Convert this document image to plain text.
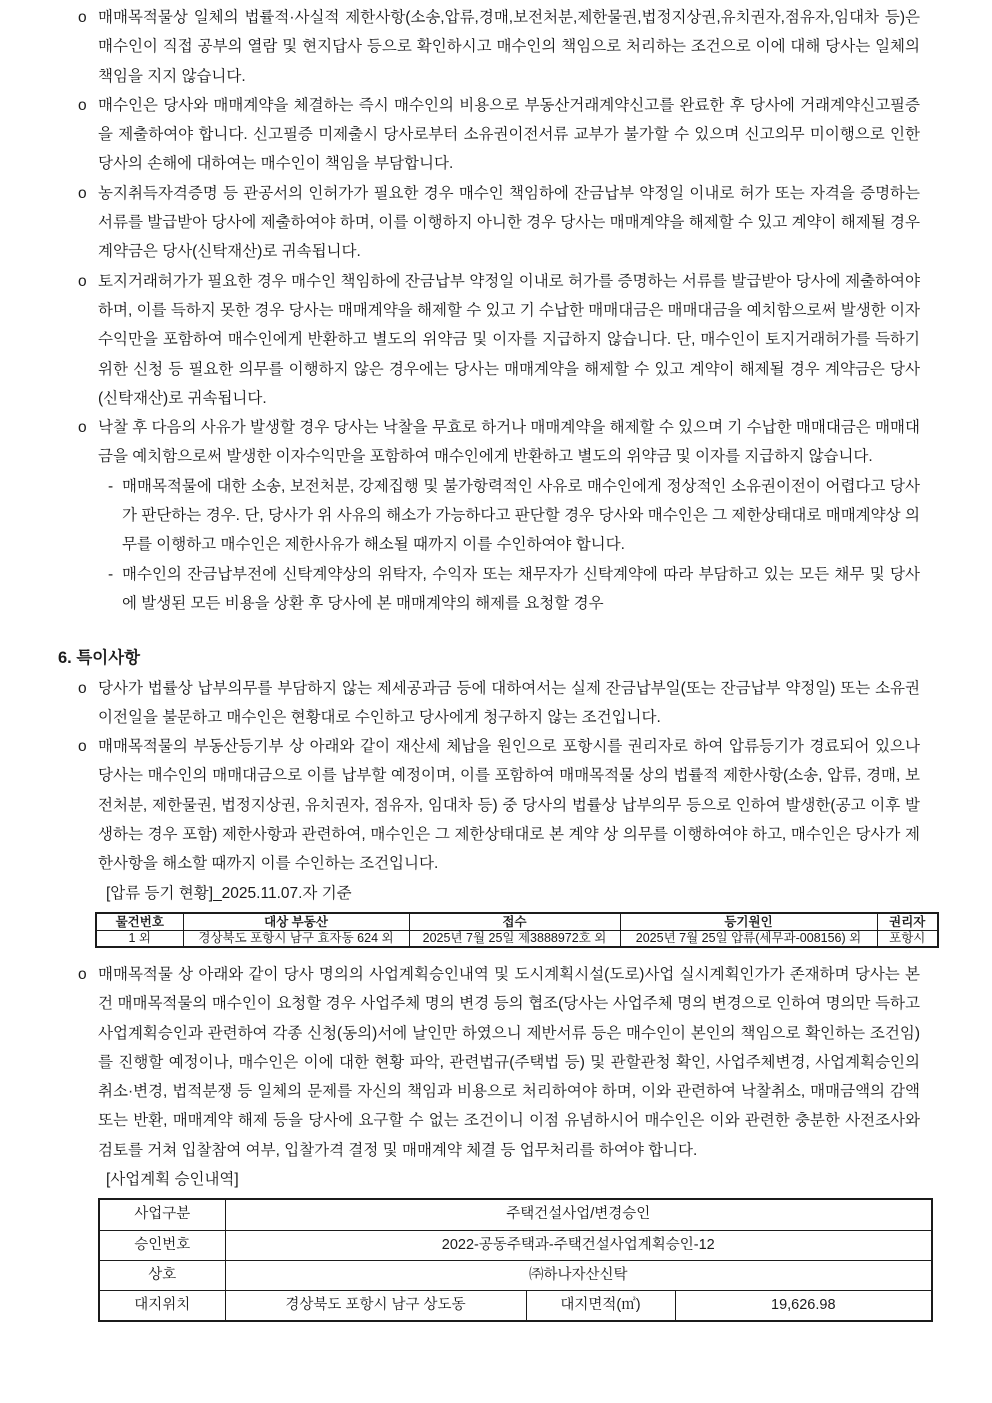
o 매매목적물상 일체의 법률적·사실적 제한사항(소송,압류,경매,보전처분,제한물권,법정지상권,유치권자,점유자,임대차 등)은 매수인이 직접 공부의 열람 및 현지답사 등으로 확인하시고 매수인의 책임으로 처리하는 조건으로 이에 대해 당사는 일체의 책임을 지지 않습니다.
o 매수인은 당사와 매매계약을 체결하는 즉시 매수인의 비용으로 부동산거래계약신고를 완료한 후 당사에 거래계약신고필증을 제출하여야 합니다. 신고필증 미제출시 당사로부터 소유권이전서류 교부가 불가할 수 있으며 신고의무 미이행으로 인한 당사의 손해에 대하여는 매수인이 책임을 부담합니다.
o 농지취득자격증명 등 관공서의 인허가가 필요한 경우 매수인 책임하에 잔금납부 약정일 이내로 허가 또는 자격을 증명하는 서류를 발급받아 당사에 제출하여야 하며, 이를 이행하지 아니한 경우 당사는 매매계약을 해제할 수 있고 계약이 해제될 경우 계약금은 당사(신탁재산)로 귀속됩니다.
o 토지거래허가가 필요한 경우 매수인 책임하에 잔금납부 약정일 이내로 허가를 증명하는 서류를 발급받아 당사에 제출하여야 하며, 이를 득하지 못한 경우 당사는 매매계약을 해제할 수 있고 기 수납한 매매대금은 매매대금을 예치함으로써 발생한 이자수익만을 포함하여 매수인에게 반환하고 별도의 위약금 및 이자를 지급하지 않습니다. 단, 매수인이 토지거래허가를 득하기 위한 신청 등 필요한 의무를 이행하지 않은 경우에는 당사는 매매계약을 해제할 수 있고 계약이 해제될 경우 계약금은 당사(신탁재산)로 귀속됩니다.
o 낙찰 후 다음의 사유가 발생할 경우 당사는 낙찰을 무효로 하거나 매매계약을 해제할 수 있으며 기 수납한 매매대금은 매매대금을 예치함으로써 발생한 이자수익만을 포함하여 매수인에게 반환하고 별도의 위약금 및 이자를 지급하지 않습니다.
- 매매목적물에 대한 소송, 보전처분, 강제집행 및 불가항력적인 사유로 매수인에게 정상적인 소유권이전이 어렵다고 당사가 판단하는 경우. 단, 당사가 위 사유의 해소가 가능하다고 판단할 경우 당사와 매수인은 그 제한상태대로 매매계약상 의무를 이행하고 매수인은 제한사유가 해소될 때까지 이를 수인하여야 합니다.
- 매수인의 잔금납부전에 신탁계약상의 위탁자, 수익자 또는 채무자가 신탁계약에 따라 부담하고 있는 모든 채무 및 당사에 발생된 모든 비용을 상환 후 당사에 본 매매계약의 해제를 요청할 경우
6. 특이사항
o 당사가 법률상 납부의무를 부담하지 않는 제세공과금 등에 대하여서는 실제 잔금납부일(또는 잔금납부 약정일) 또는 소유권이전일을 불문하고 매수인은 현황대로 수인하고 당사에게 청구하지 않는 조건입니다.
o 매매목적물의 부동산등기부 상 아래와 같이 재산세 체납을 원인으로 포항시를 권리자로 하여 압류등기가 경료되어 있으나 당사는 매수인의 매매대금으로 이를 납부할 예정이며, 이를 포함하여 매매목적물 상의 법률적 제한사항(소송, 압류, 경매, 보전처분, 제한물권, 법정지상권, 유치권자, 점유자, 임대차 등) 중 당사의 법률상 납부의무 등으로 인하여 발생한(공고 이후 발생하는 경우 포함) 제한사항과 관련하여, 매수인은 그 제한상태대로 본 계약 상 의무를 이행하여야 하고, 매수인은 당사가 제한사항을 해소할 때까지 이를 수인하는 조건입니다.
[압류 등기 현황]_2025.11.07.자 기준
물건번호	대상 부동산	접수	등기원인	권리자
1 외	경상북도 포항시 남구 효자동 624 외	2025년 7월 25일 제3888972호 외	2025년 7월 25일 압류(세무과-008156) 외	포항시
o 매매목적물 상 아래와 같이 당사 명의의 사업계획승인내역 및 도시계획시설(도로)사업 실시계획인가가 존재하며 당사는 본 건 매매목적물의 매수인이 요청할 경우 사업주체 명의 변경 등의 협조(당사는 사업주체 명의 변경으로 인하여 명의만 득하고 사업계획승인과 관련하여 각종 신청(동의)서에 날인만 하였으니 제반서류 등은 매수인이 본인의 책임으로 확인하는 조건임)를 진행할 예정이나, 매수인은 이에 대한 현황 파악, 관련법규(주택법 등) 및 관할관청 확인, 사업주체변경, 사업계획승인의 취소·변경, 법적분쟁 등 일체의 문제를 자신의 책임과 비용으로 처리하여야 하며, 이와 관련하여 낙찰취소, 매매금액의 감액 또는 반환, 매매계약 해제 등을 당사에 요구할 수 없는 조건이니 이점 유념하시어 매수인은 이와 관련한 충분한 사전조사와 검토를 거쳐 입찰참여 여부, 입찰가격 결정 및 매매계약 체결 등 업무처리를 하여야 합니다.
[사업계획 승인내역]
사업구분	주택건설사업/변경승인		
승인번호	2022-공동주택과-주택건설사업계획승인-12		
상호	㈜하나자산신탁		
대지위치	경상북도 포항시 남구 상도동	대지면적(㎡)	19,626.98
